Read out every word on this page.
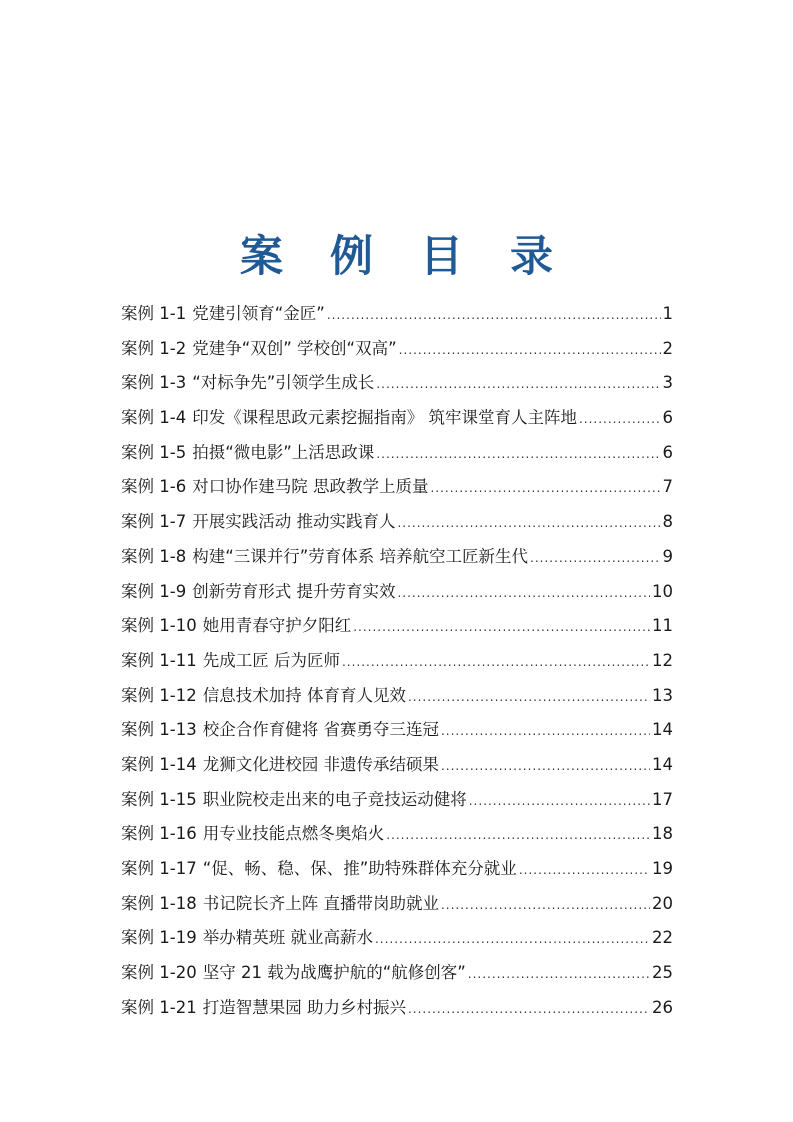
案 例 目 录
案例 1-1 党建引领育“金匠” .....	1
案例 1-2 党建争“双创” 学校创“双高” .....	2
案例 1-3 “对标争先”引领学生成长 .....	3
案例 1-4 印发《课程思政元素挖掘指南》 筑牢课堂育人主阵地 .....	6
案例 1-5 拍摄“微电影”上活思政课 .....	6
案例 1-6 对口协作建马院 思政教学上质量 .....	7
案例 1-7 开展实践活动 推动实践育人 .....	8
案例 1-8 构建“三课并行”劳育体系 培养航空工匠新生代 .....	9
案例 1-9 创新劳育形式 提升劳育实效 .....	10
案例 1-10 她用青春守护夕阳红 .....	11
案例 1-11 先成工匠 后为匠师 .....	12
案例 1-12 信息技术加持 体育育人见效 .....	13
案例 1-13 校企合作育健将 省赛勇夺三连冠 .....	14
案例 1-14 龙狮文化进校园 非遗传承结硕果 .....	14
案例 1-15 职业院校走出来的电子竞技运动健将 .....	17
案例 1-16 用专业技能点燃冬奥焰火 .....	18
案例 1-17 “促、畅、稳、保、推”助特殊群体充分就业 .....	19
案例 1-18 书记院长齐上阵 直播带岗助就业 .....	20
案例 1-19 举办精英班 就业高薪水 .....	22
案例 1-20 坚守 21 载为战鹰护航的“航修创客” .....	25
案例 1-21 打造智慧果园 助力乡村振兴 .....	26
